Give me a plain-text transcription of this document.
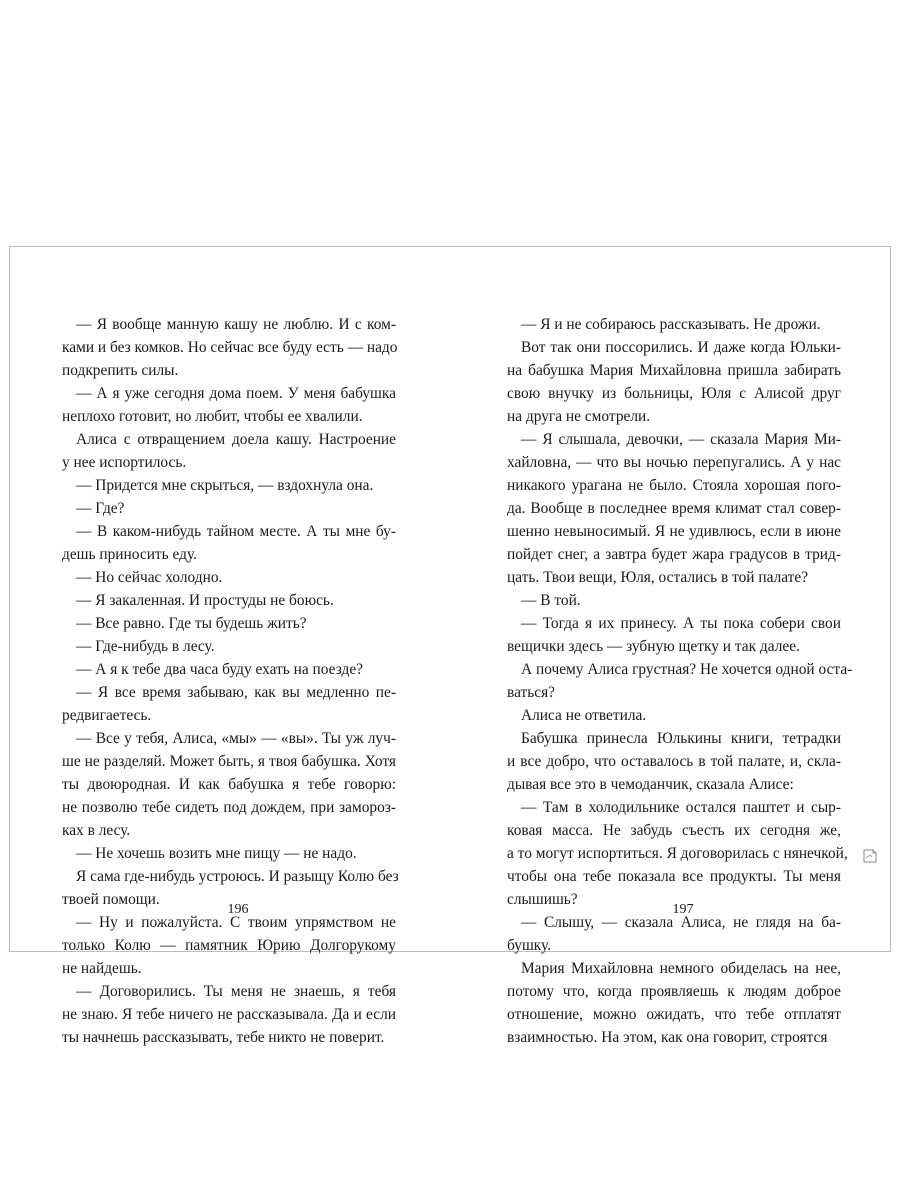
— Я вообще манную кашу не люблю. И с ком-

ками и без комков. Но сейчас все буду есть — надо

подкрепить силы.

— А я уже сегодня дома поем. У меня бабушка

неплохо готовит, но любит, чтобы ее хвалили.

Алиса с отвращением доела кашу. Настроение

у нее испортилось.

— Придется мне скрыться, — вздохнула она.

— Где?

— В каком-нибудь тайном месте. А ты мне бу-

дешь приносить еду.

— Но сейчас холодно.

— Я закаленная. И простуды не боюсь.

— Все равно. Где ты будешь жить?

— Где-нибудь в лесу.

— А я к тебе два часа буду ехать на поезде?

— Я все время забываю, как вы медленно пе-

редвигаетесь.

— Все у тебя, Алиса, «мы» — «вы». Ты уж луч-

ше не разделяй. Может быть, я твоя бабушка. Хотя

ты двоюродная. И как бабушка я тебе говорю:

не позволю тебе сидеть под дождем, при замороз-

ках в лесу.

— Не хочешь возить мне пищу — не надо.

Я сама где-нибудь устроюсь. И разыщу Колю без

твоей помощи.

— Ну и пожалуйста. С твоим упрямством не

только Колю — памятник Юрию Долгорукому

не найдешь.

— Договорились. Ты меня не знаешь, я тебя

не знаю. Я тебе ничего не рассказывала. Да и если

ты начнешь рассказывать, тебе никто не поверит.

196

— Я и не собираюсь рассказывать. Не дрожи.

Вот так они поссорились. И даже когда Юльки-

на бабушка Мария Михайловна пришла забирать

свою внучку из больницы, Юля с Алисой друг

на друга не смотрели.

— Я слышала, девочки, — сказала Мария Ми-

хайловна, — что вы ночью перепугались. А у нас

никакого урагана не было. Стояла хорошая пого-

да. Вообще в последнее время климат стал совер-

шенно невыносимый. Я не удивлюсь, если в июне

пойдет снег, а завтра будет жара градусов в трид-

цать. Твои вещи, Юля, остались в той палате?

— В той.

— Тогда я их принесу. А ты пока собери свои

вещички здесь — зубную щетку и так далее.

А почему Алиса грустная? Не хочется одной оста-

ваться?

Алиса не ответила.

Бабушка принесла Юлькины книги, тетрадки

и все добро, что оставалось в той палате, и, скла-

дывая все это в чемоданчик, сказала Алисе:

— Там в холодильнике остался паштет и сыр-

ковая масса. Не забудь съесть их сегодня же,

а то могут испортиться. Я договорилась с нянечкой,

чтобы она тебе показала все продукты. Ты меня

слышишь?

— Слышу, — сказала Алиса, не глядя на ба-

бушку.

Мария Михайловна немного обиделась на нее,

потому что, когда проявляешь к людям доброе

отношение, можно ожидать, что тебе отплатят

взаимностью. На этом, как она говорит, строятся

197
